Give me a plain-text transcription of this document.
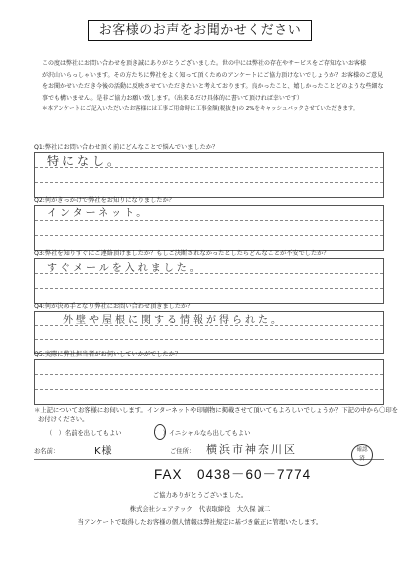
お客様のお声をお聞かせください
この度は弊社にお問い合わせを頂き誠にありがとうございました。世の中には弊社の存在やサービスをご存知ないお客様
が沢山いらっしゃいます。その方たちに弊社をよく知って頂くためのアンケートにご協力頂けないでしょうか？お客様のご意見
をお聞かせいただき今後の活動に反映させていただきたいと考えております。良かったこと、嬉しかったことどのような些細な
事でも構いません。是非ご協力お願い致します。（出来るだけ具体的に書いて頂ければ幸いです）
＊本アンケートにご記入いただいたお客様には工事ご用命時に工事金額(税抜き)の 2%をキャッシュバックさせていただきます。
Q1:弊社にお問い合わせ頂く前にどんなことで悩んでいましたか？
特になし。
Q2:何がきっかけで弊社をお知りになりましたか？
インターネット。
Q3:弊社を知りすぐにご連絡頂けましたか？もしご決断されなかったとしたらどんなことが不安でしたか？
すぐメールを入れました。
Q4:何が決め手となり弊社にお問い合わせ頂きましたか？
外壁や屋根に関する情報が得られた。
Q5:実際に弊社担当者がお伺いしていかがでしたか？
＊上記についてお客様にお伺いします。インターネットや印刷物に掲載させて頂いてもよろしいでしょうか？下記の中から〇印を
お付けください。
（　）名前を出してもよい	（　）イニシャルなら出してもよい
お名前：	K様	ご住所： 横浜市神奈川区	確認済
FAX　0438－60－7774
ご協力ありがとうございました。
株式会社シェアテック　代表取締役　大久保 誠二
当アンケートで取得したお客様の個人情報は弊社規定に基づき厳正に管理いたします。
